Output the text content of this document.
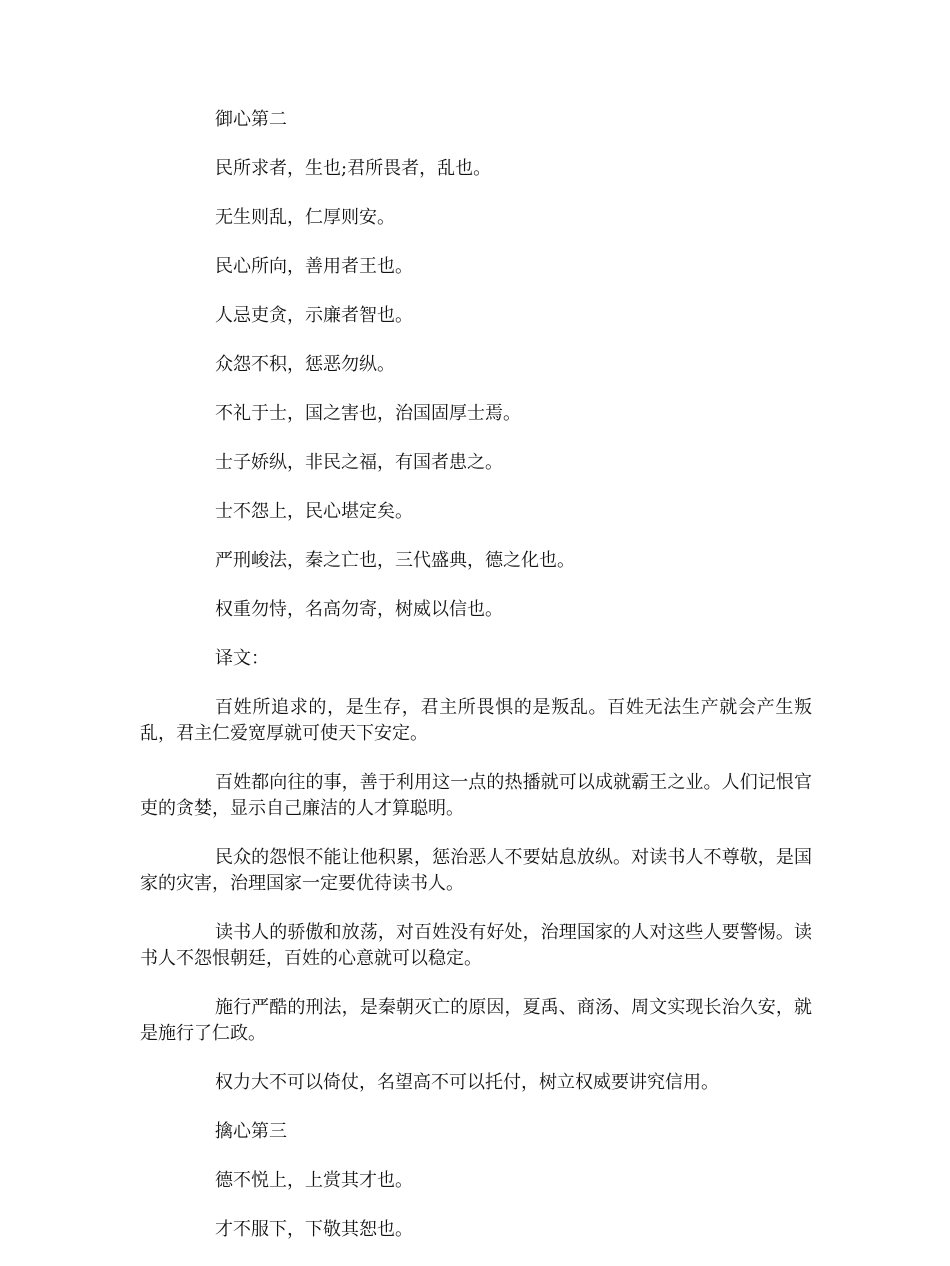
御心第二

民所求者，生也;君所畏者，乱也。

无生则乱，仁厚则安。

民心所向，善用者王也。

人忌吏贪，示廉者智也。

众怨不积，惩恶勿纵。

不礼于士，国之害也，治国固厚士焉。

士子娇纵，非民之福，有国者患之。

士不怨上，民心堪定矣。

严刑峻法，秦之亡也，三代盛典，德之化也。

权重勿恃，名高勿寄，树威以信也。

译文：

百姓所追求的，是生存，君主所畏惧的是叛乱。百姓无法生产就会产生叛乱，君主仁爱宽厚就可使天下安定。

百姓都向往的事，善于利用这一点的热播就可以成就霸王之业。人们记恨官吏的贪婪，显示自己廉洁的人才算聪明。

民众的怨恨不能让他积累，惩治恶人不要姑息放纵。对读书人不尊敬，是国家的灾害，治理国家一定要优待读书人。

读书人的骄傲和放荡，对百姓没有好处，治理国家的人对这些人要警惕。读书人不怨恨朝廷，百姓的心意就可以稳定。

施行严酷的刑法，是秦朝灭亡的原因，夏禹、商汤、周文实现长治久安，就是施行了仁政。

权力大不可以倚仗，名望高不可以托付，树立权威要讲究信用。

擒心第三

德不悦上，上赏其才也。

才不服下，下敬其恕也。
